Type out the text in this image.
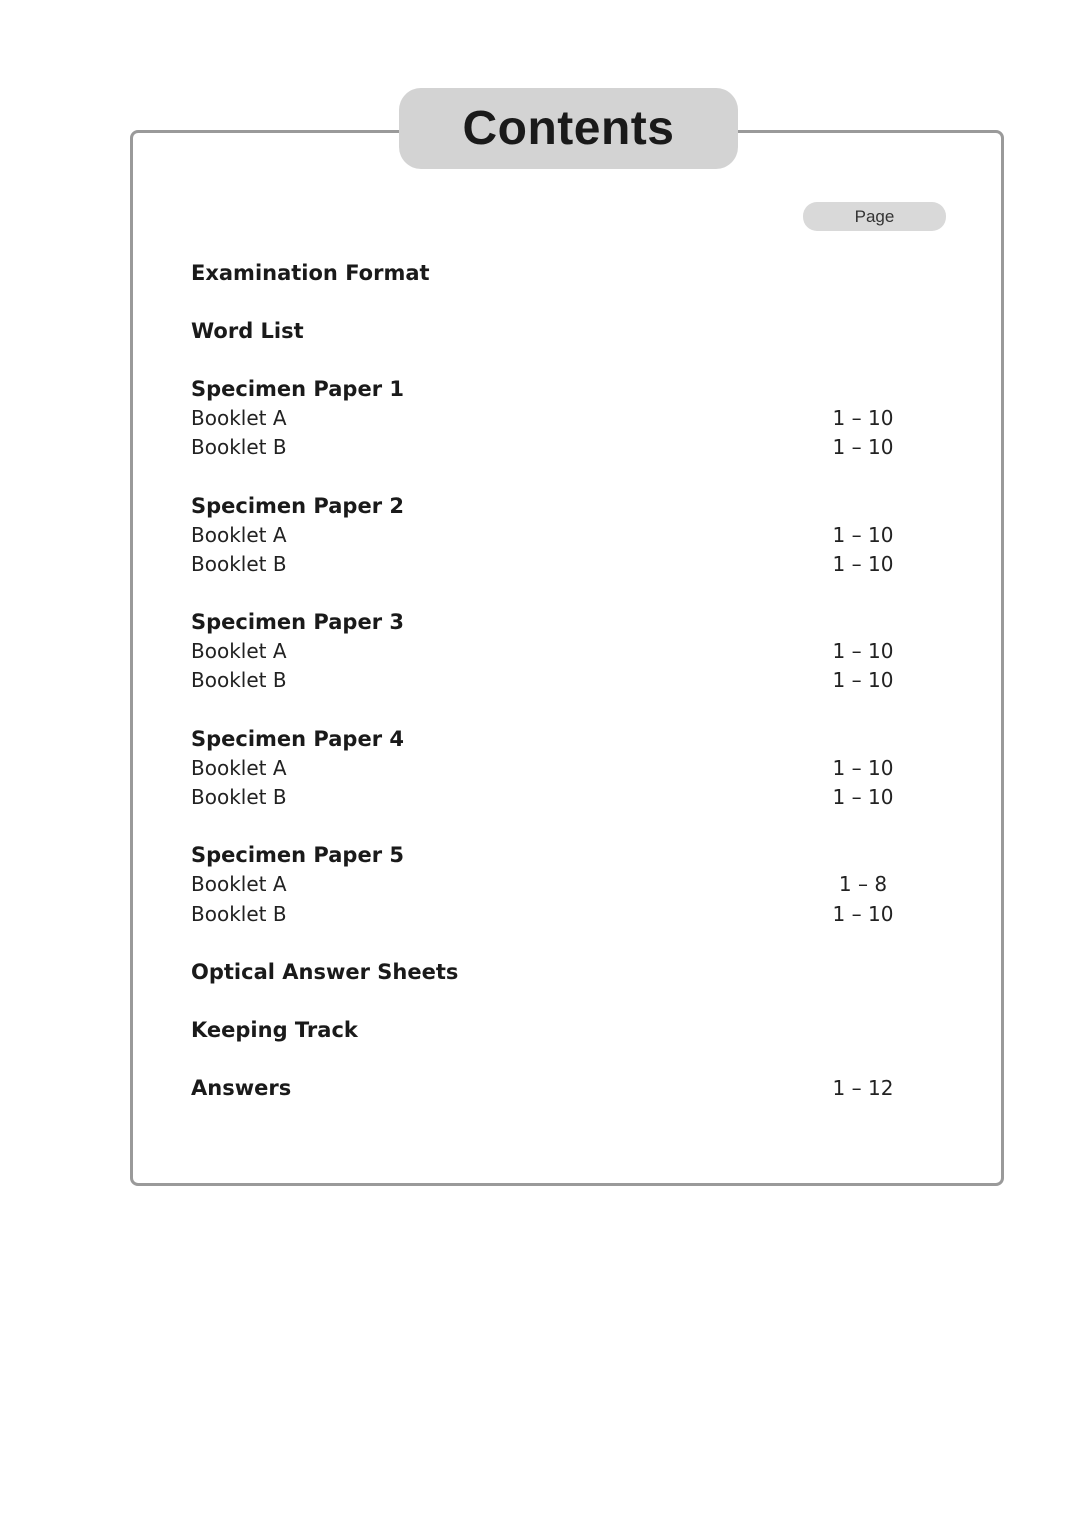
Contents
Page
Examination Format
Word List
Specimen Paper 1
Booklet A	1 – 10
Booklet B	1 – 10
Specimen Paper 2
Booklet A	1 – 10
Booklet B	1 – 10
Specimen Paper 3
Booklet A	1 – 10
Booklet B	1 – 10
Specimen Paper 4
Booklet A	1 – 10
Booklet B	1 – 10
Specimen Paper 5
Booklet A	1 – 8
Booklet B	1 – 10
Optical Answer Sheets
Keeping Track
Answers	1 – 12
